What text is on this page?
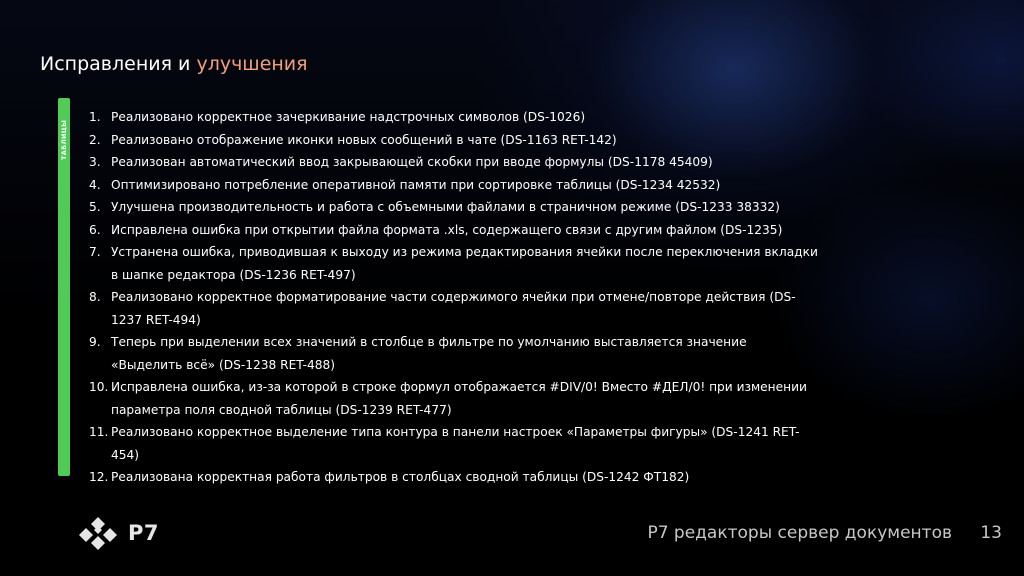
Исправления и улучшения
ТАБЛИЦЫ
1. Реализовано корректное зачеркивание надстрочных символов (DS-1026)
2. Реализовано отображение иконки новых сообщений в чате (DS-1163 RET-142)
3. Реализован автоматический ввод закрывающей скобки при вводе формулы (DS-1178 45409)
4. Оптимизировано потребление оперативной памяти при сортировке таблицы (DS-1234 42532)
5. Улучшена производительность и работа с объемными файлами в страничном режиме (DS-1233 38332)
6. Исправлена ошибка при открытии файла формата .xls, содержащего связи с другим файлом (DS-1235)
7. Устранена ошибка, приводившая к выходу из режима редактирования ячейки после переключения вкладки в шапке редактора (DS-1236 RET-497)
8. Реализовано корректное форматирование части содержимого ячейки при отмене/повторе действия (DS-1237 RET-494)
9. Теперь при выделении всех значений в столбце в фильтре по умолчанию выставляется значение «Выделить всё» (DS-1238 RET-488)
10. Исправлена ошибка, из-за которой в строке формул отображается #DIV/0! Вместо #ДЕЛ/0! при изменении параметра поля сводной таблицы (DS-1239 RET-477)
11. Реализовано корректное выделение типа контура в панели настроек «Параметры фигуры» (DS-1241 RET-454)
12. Реализована корректная работа фильтров в столбцах сводной таблицы (DS-1242 ФТ182)
Р7	Р7 редакторы сервер документов 13
